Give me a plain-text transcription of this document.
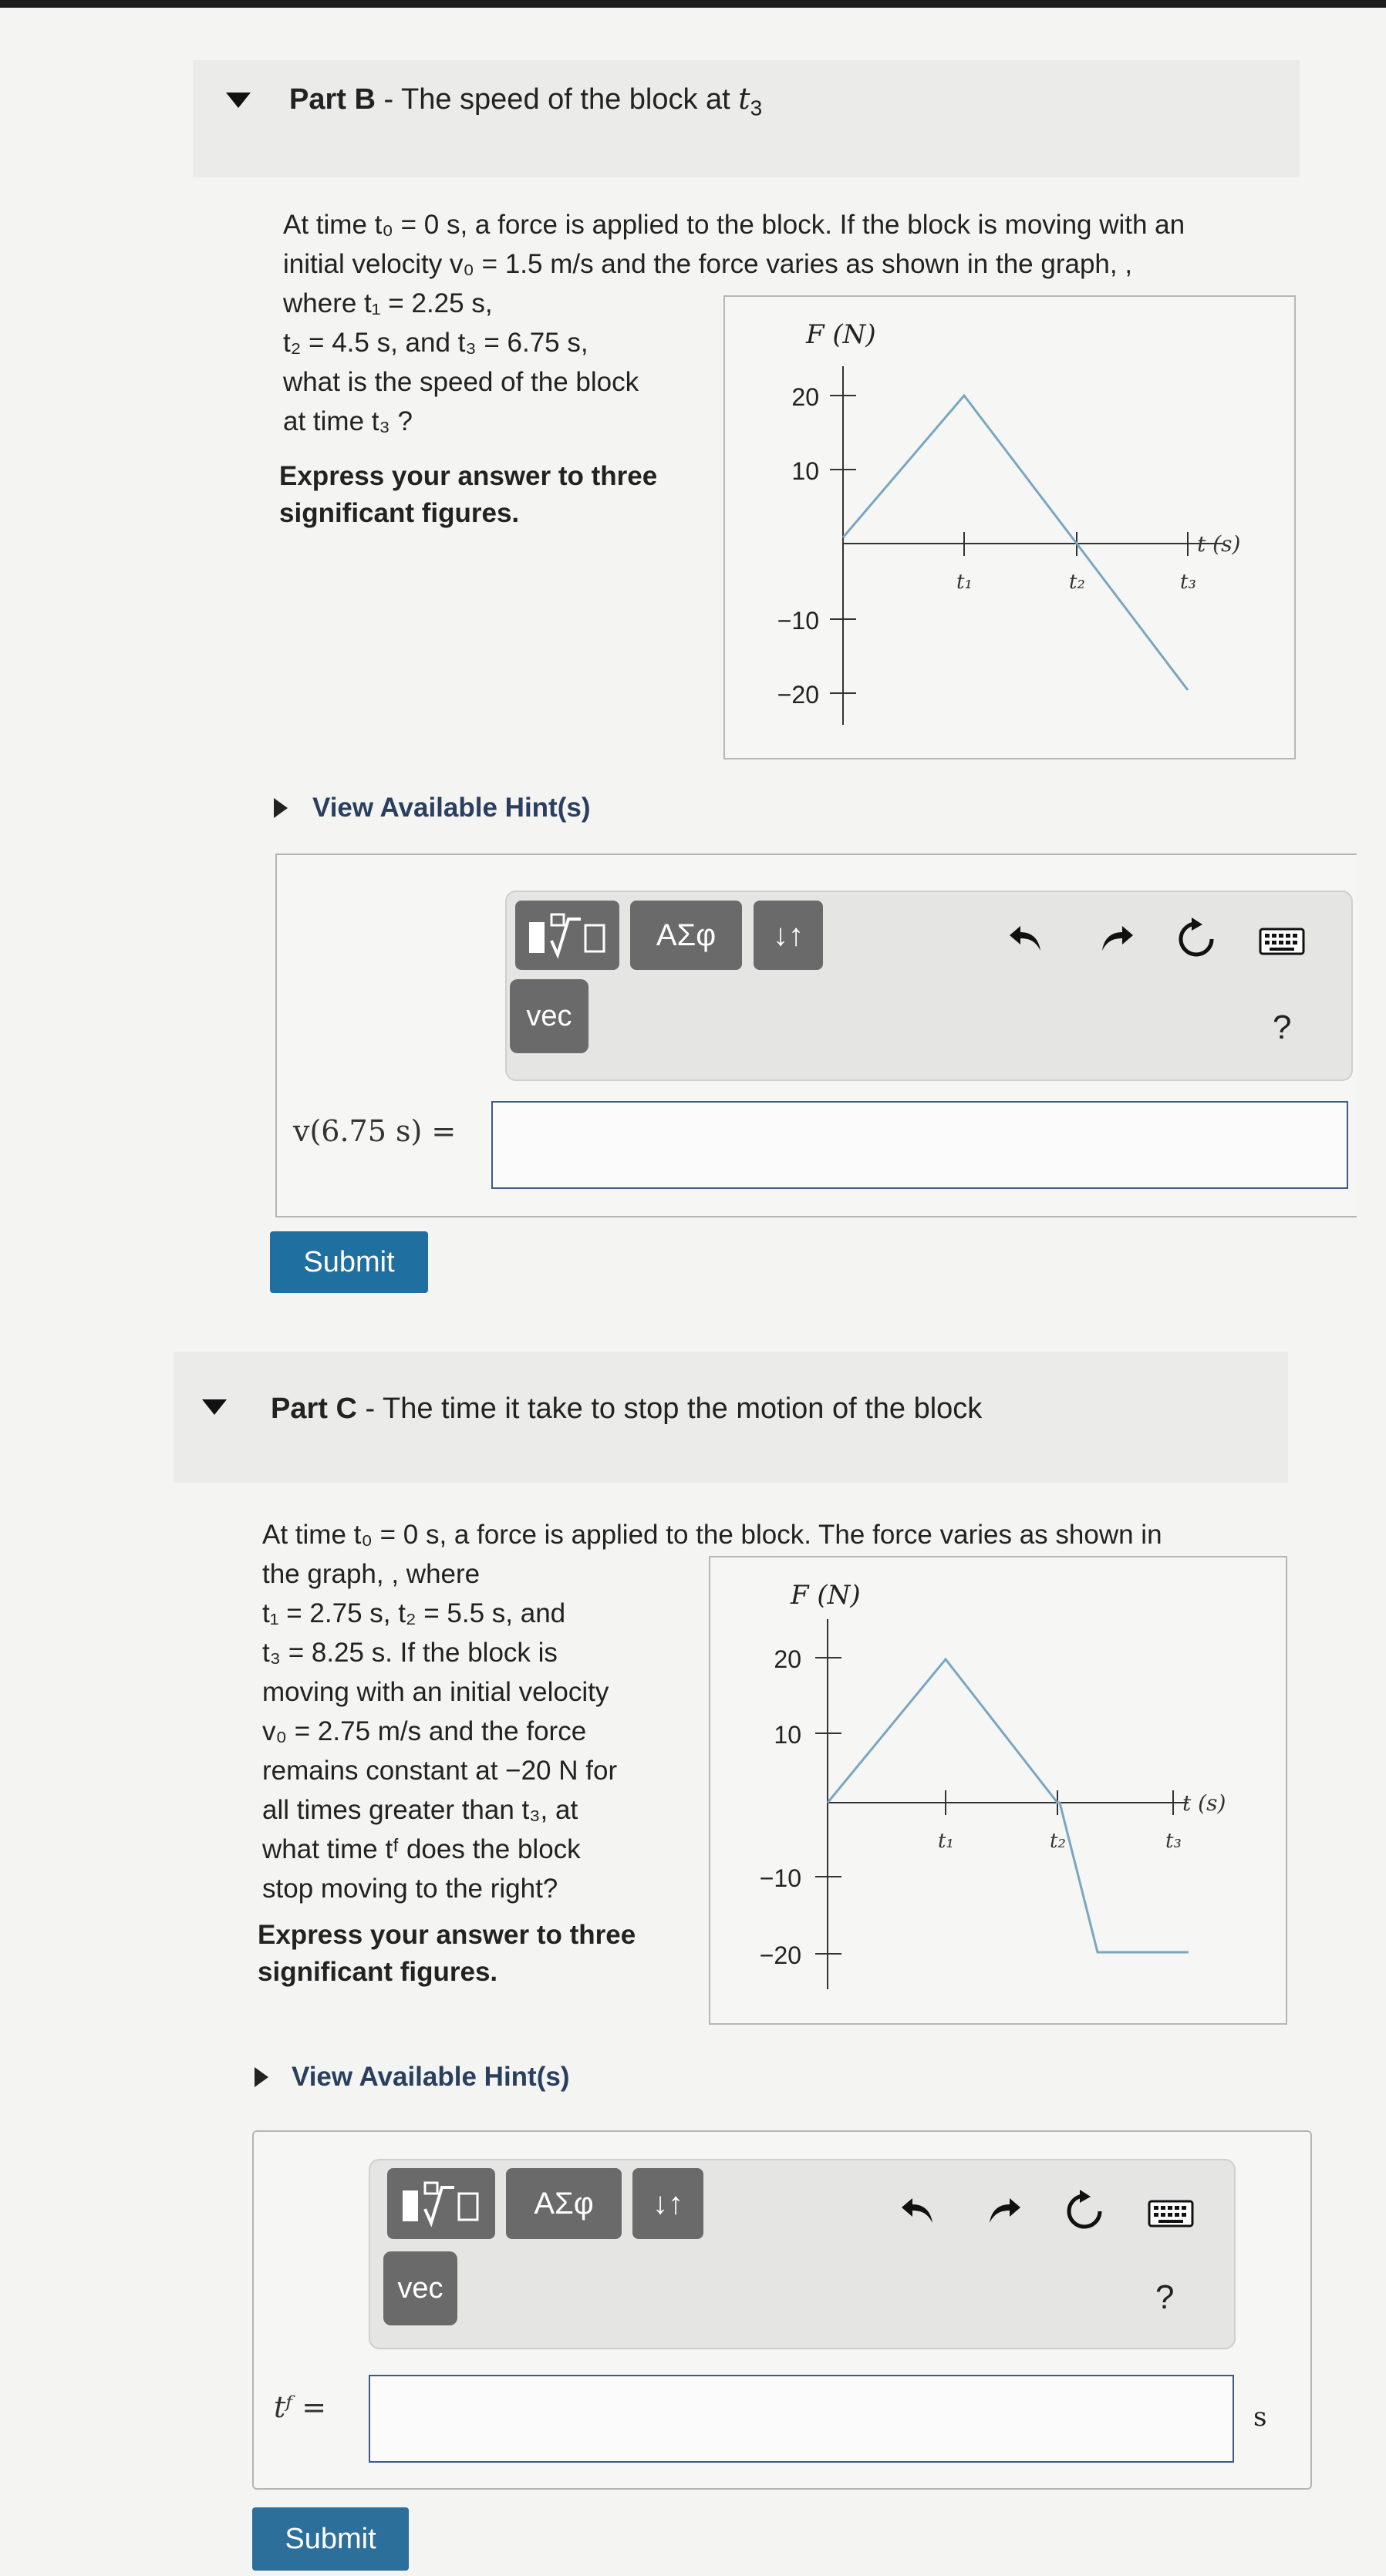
Part B - The speed of the block at $t_3$
At time t₀ = 0 s, a force is applied to the block. If the block is moving with an
initial velocity v₀ = 1.5 m/s and the force varies as shown in the graph, ,
where t₁ = 2.25 s,
t₂ = 4.5 s, and t₃ = 6.75 s,
what is the speed of the block
at time t₃ ?
Express your answer to three
significant figures.
F (N)
20
10
−10
−20
t₁	t₂	t₃
t (s)
View Available Hint(s)
ΑΣφ	↓↑
vec	?
v(6.75 s) =
Submit
Part C - The time it take to stop the motion of the block
At time t₀ = 0 s, a force is applied to the block. The force varies as shown in
the graph, , where
t₁ = 2.75 s, t₂ = 5.5 s, and
t₃ = 8.25 s. If the block is
moving with an initial velocity
v₀ = 2.75 m/s and the force
remains constant at −20 N for
all times greater than t₃, at
what time tᶠ does the block
stop moving to the right?
Express your answer to three
significant figures.
F (N)
20
10
−10
−20
t₁	t₂	t₃
t (s)
View Available Hint(s)
ΑΣφ	↓↑
vec	?
tᶠ =	s
Submit
